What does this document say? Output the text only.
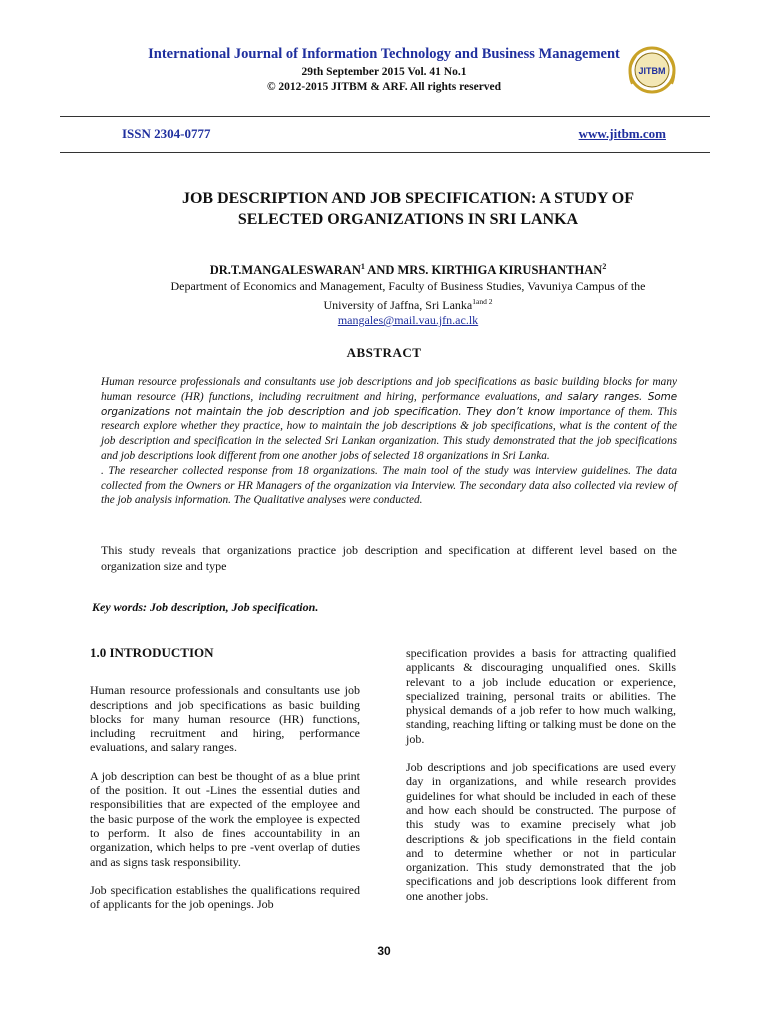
International Journal of Information Technology and Business Management
29th September 2015 Vol. 41 No.1
© 2012-2015 JITBM & ARF. All rights reserved
JITBM
ISSN 2304-0777	www.jitbm.com
JOB DESCRIPTION AND JOB SPECIFICATION: A STUDY OF
SELECTED ORGANIZATIONS IN SRI LANKA
DR.T.MANGALESWARAN$^1$ AND MRS. KIRTHIGA KIRUSHANTHAN$^2$
Department of Economics and Management, Faculty of Business Studies, Vavuniya Campus of the
University of Jaffna, Sri Lanka$^{1and 2}$
mangales@mail.vau.jfn.ac.lk
ABSTRACT

Human resource professionals and consultants use job descriptions and job specifications as basic building blocks for many human resource (HR) functions, including recruitment and hiring, performance evaluations, and salary ranges. Some organizations not maintain the job description and job specification. They don’t know importance of them. This research explore whether they practice, how to maintain the job descriptions & job specifications, what is the content of the job description and specification in the selected Sri Lankan organization. This study demonstrated that the job specifications and job descriptions look different from one another jobs of selected 18 organizations in Sri Lanka.

. The researcher collected response from 18 organizations. The main tool of the study was interview guidelines. The data collected from the Owners or HR Managers of the organization via Interview. The secondary data also collected via review of the job analysis information. The Qualitative analyses were conducted.

This study reveals that organizations practice job description and specification at different level based on the organization size and type
Key words: Job description, Job specification.
1.0 INTRODUCTION

Human resource professionals and consultants use job descriptions and job specifications as basic building blocks for many human resource (HR) functions, including recruitment and hiring, performance evaluations, and salary ranges.

A job description can best be thought of as a blue print of the position. It out -Lines the essential duties and responsibilities that are expected of the employee and the basic purpose of the work the employee is expected to perform. It also de fines accountability in an organization, which helps to pre -vent overlap of duties and as signs task responsibility.

Job specification establishes the qualifications required of applicants for the job openings. Job

specification provides a basis for attracting qualified applicants & discouraging unqualified ones. Skills relevant to a job include education or experience, specialized training, personal traits or abilities. The physical demands of a job refer to how much walking, standing, reaching lifting or talking must be done on the job.

Job descriptions and job specifications are used every day in organizations, and while research provides guidelines for what should be included in each of these and how each should be constructed. The purpose of this study was to examine precisely what job descriptions & job specifications in the field contain and to determine whether or not in particular organization. This study demonstrated that the job specifications and job descriptions look different from one another jobs.

30
